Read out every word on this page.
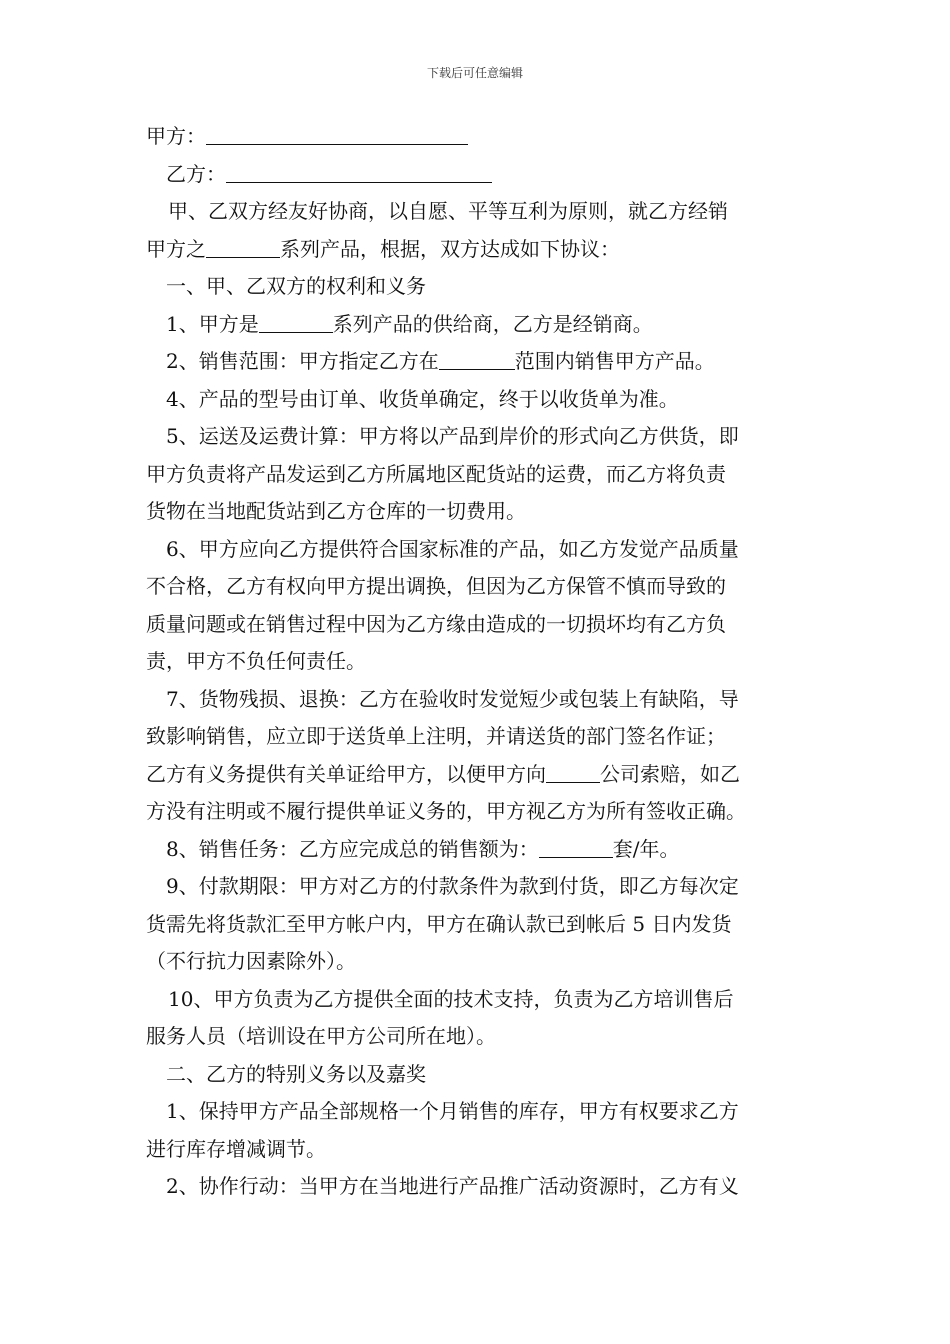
下载后可任意编辑
甲方：
乙方：
甲、乙双方经友好协商，以自愿、平等互利为原则，就乙方经销
甲方之	系列产品，根据，双方达成如下协议：
一、甲、乙双方的权利和义务
1、甲方是	系列产品的供给商，乙方是经销商。
2、销售范围：甲方指定乙方在	范围内销售甲方产品。
4、产品的型号由订单、收货单确定，终于以收货单为准。
5、运送及运费计算：甲方将以产品到岸价的形式向乙方供货，即
甲方负责将产品发运到乙方所属地区配货站的运费，而乙方将负责
货物在当地配货站到乙方仓库的一切费用。
6、甲方应向乙方提供符合国家标准的产品，如乙方发觉产品质量
不合格，乙方有权向甲方提出调换，但因为乙方保管不慎而导致的
质量问题或在销售过程中因为乙方缘由造成的一切损坏均有乙方负
责，甲方不负任何责任。
7、货物残损、退换：乙方在验收时发觉短少或包装上有缺陷，导
致影响销售，应立即于送货单上注明，并请送货的部门签名作证；
乙方有义务提供有关单证给甲方，以便甲方向	公司索赔，如乙
方没有注明或不履行提供单证义务的，甲方视乙方为所有签收正确。
8、销售任务：乙方应完成总的销售额为：	套/年。
9、付款期限：甲方对乙方的付款条件为款到付货，即乙方每次定
货需先将货款汇至甲方帐户内，甲方在确认款已到帐后 5 日内发货
（不行抗力因素除外）。
10、甲方负责为乙方提供全面的技术支持，负责为乙方培训售后
服务人员（培训设在甲方公司所在地）。
二、乙方的特别义务以及嘉奖
1、保持甲方产品全部规格一个月销售的库存，甲方有权要求乙方
进行库存增减调节。
2、协作行动：当甲方在当地进行产品推广活动资源时，乙方有义
